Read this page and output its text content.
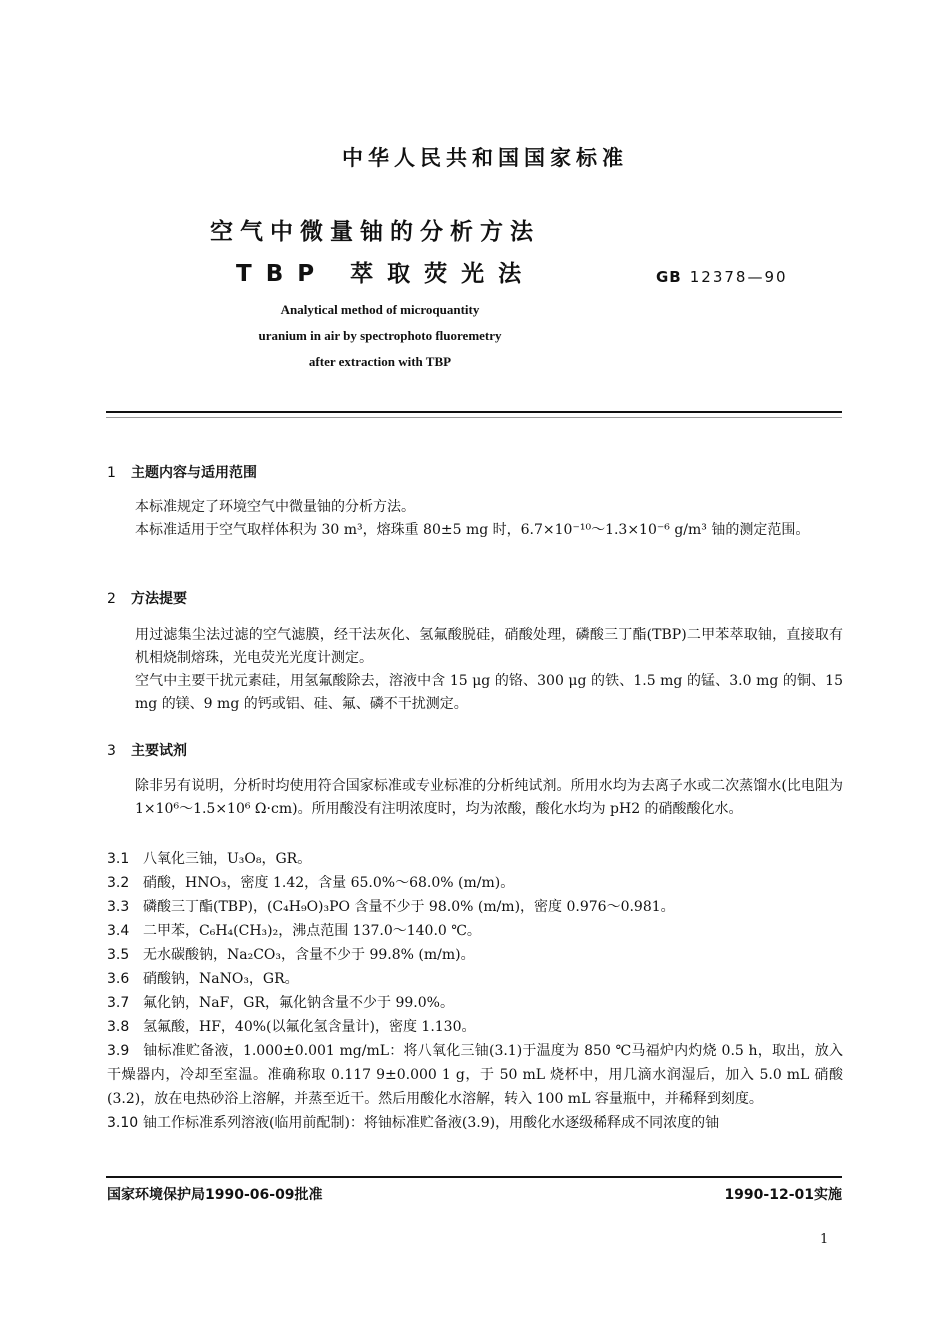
中华人民共和国国家标准
空气中微量铀的分析方法
TBP 萃取荧光法	GB 12378—90
Analytical method of microquantity
uranium in air by spectrophoto fluoremetry
after extraction with TBP
1 主题内容与适用范围

本标准规定了环境空气中微量铀的分析方法。

本标准适用于空气取样体积为 30 m³，熔珠重 80±5 mg 时，6.7×10⁻¹⁰～1.3×10⁻⁶ g/m³ 铀的测定范围。

2 方法提要

用过滤集尘法过滤的空气滤膜，经干法灰化、氢氟酸脱硅，硝酸处理，磷酸三丁酯(TBP)二甲苯萃取铀，直接取有机相烧制熔珠，光电荧光光度计测定。

空气中主要干扰元素硅，用氢氟酸除去，溶液中含 15 μg 的铬、300 μg 的铁、1.5 mg 的锰、3.0 mg 的铜、15 mg 的镁、9 mg 的钙或铝、硅、氟、磷不干扰测定。

3 主要试剂

除非另有说明，分析时均使用符合国家标准或专业标准的分析纯试剂。所用水均为去离子水或二次蒸馏水(比电阻为 1×10⁶～1.5×10⁶ Ω·cm)。所用酸没有注明浓度时，均为浓酸，酸化水均为 pH2 的硝酸酸化水。

3.1 八氧化三铀，U₃O₈，GR。

3.2 硝酸，HNO₃，密度 1.42，含量 65.0%～68.0% (m/m)。

3.3 磷酸三丁酯(TBP)，(C₄H₉O)₃PO 含量不少于 98.0% (m/m)，密度 0.976～0.981。

3.4 二甲苯，C₆H₄(CH₃)₂，沸点范围 137.0～140.0 ℃。

3.5 无水碳酸钠，Na₂CO₃，含量不少于 99.8% (m/m)。

3.6 硝酸钠，NaNO₃，GR。

3.7 氟化钠，NaF，GR，氟化钠含量不少于 99.0%。

3.8 氢氟酸，HF，40%(以氟化氢含量计)，密度 1.130。

3.9 铀标准贮备液，1.000±0.001 mg/mL：将八氧化三铀(3.1)于温度为 850 ℃马福炉内灼烧 0.5 h，取出，放入干燥器内，冷却至室温。准确称取 0.117 9±0.000 1 g，于 50 mL 烧杯中，用几滴水润湿后，加入 5.0 mL 硝酸(3.2)，放在电热砂浴上溶解，并蒸至近干。然后用酸化水溶解，转入 100 mL 容量瓶中，并稀释到刻度。

3.10 铀工作标准系列溶液(临用前配制)：将铀标准贮备液(3.9)，用酸化水逐级稀释成不同浓度的铀

国家环境保护局1990-06-09批准	1990-12-01实施
1
